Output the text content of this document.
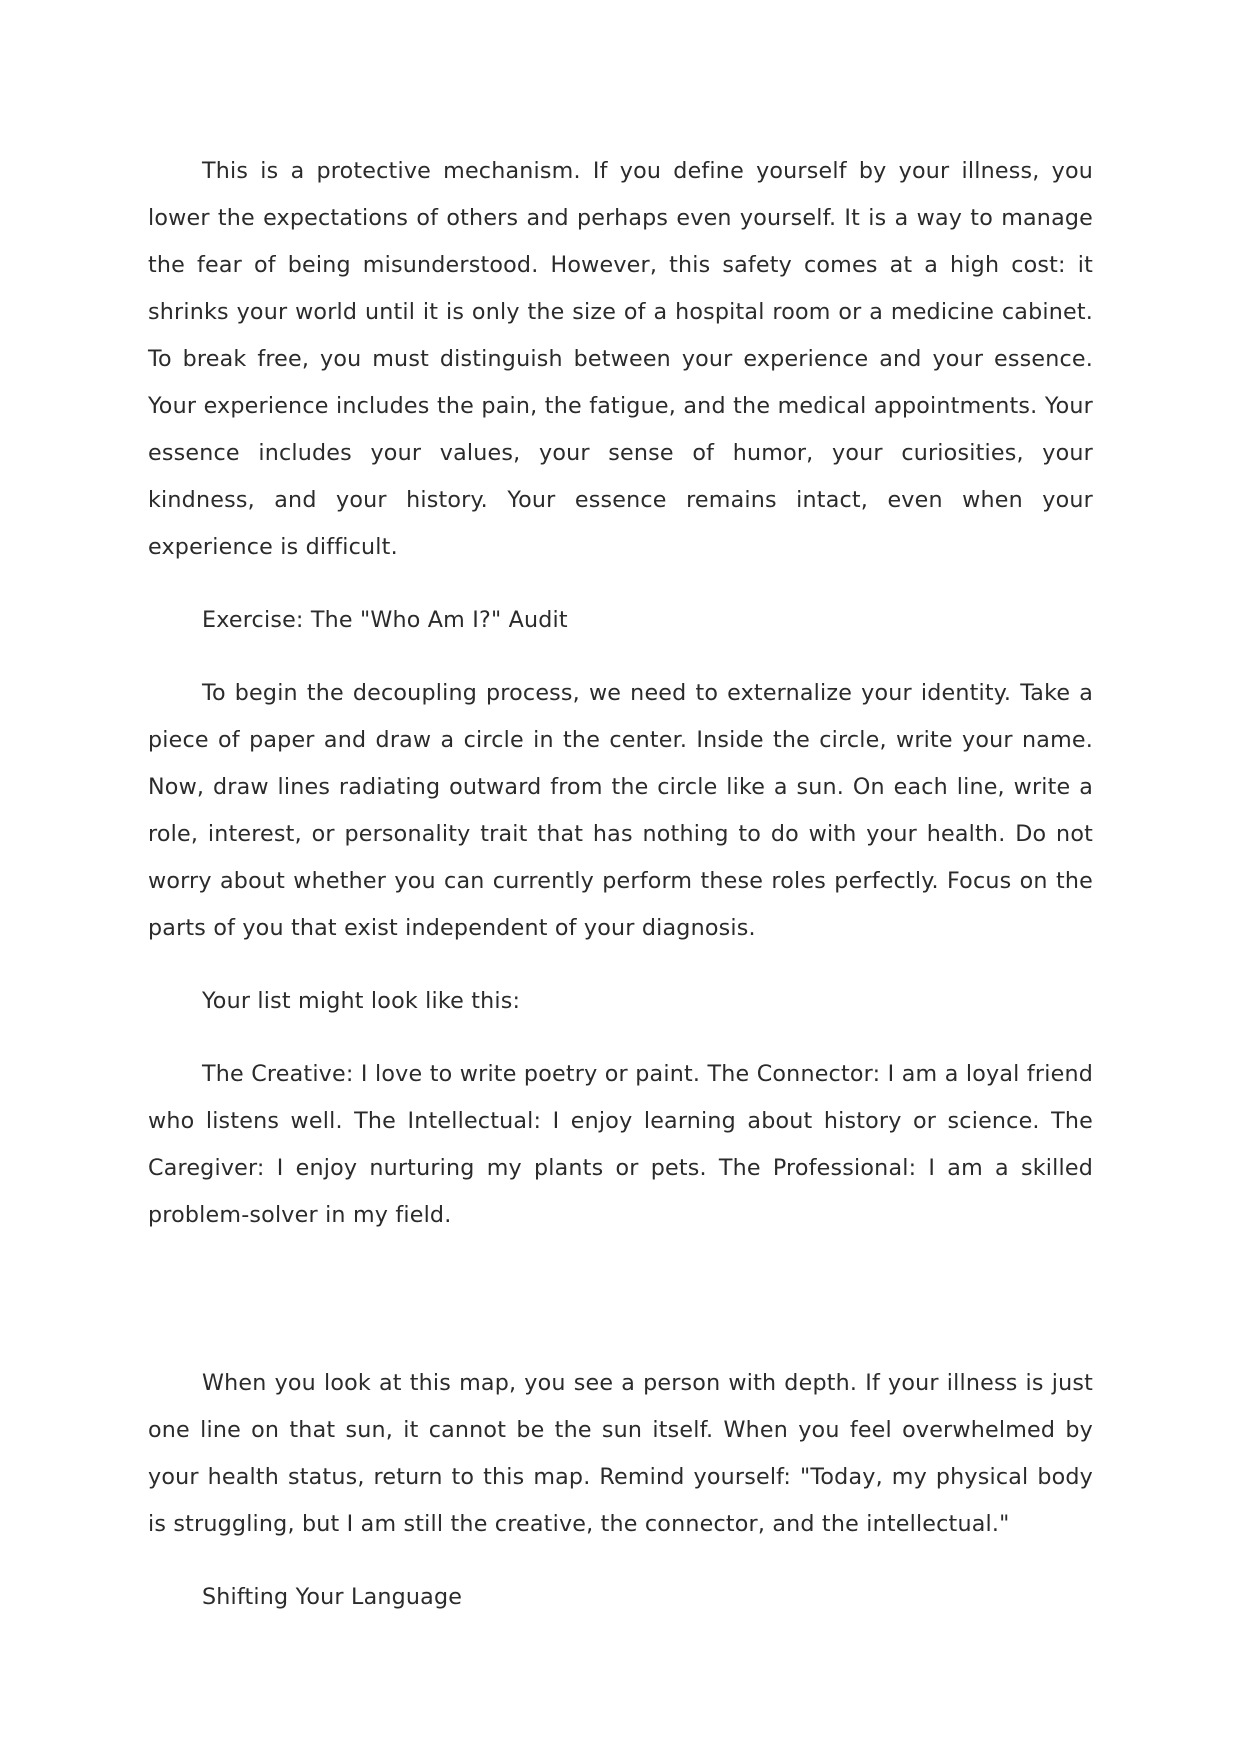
This is a protective mechanism. If you define yourself by your illness, you lower the expectations of others and perhaps even yourself. It is a way to manage the fear of being misunderstood. However, this safety comes at a high cost: it shrinks your world until it is only the size of a hospital room or a medicine cabinet. To break free, you must distinguish between your experience and your essence. Your experience includes the pain, the fatigue, and the medical appointments. Your essence includes your values, your sense of humor, your curiosities, your kindness, and your history. Your essence remains intact, even when your experience is difficult.

Exercise: The "Who Am I?" Audit

To begin the decoupling process, we need to externalize your identity. Take a piece of paper and draw a circle in the center. Inside the circle, write your name. Now, draw lines radiating outward from the circle like a sun. On each line, write a role, interest, or personality trait that has nothing to do with your health. Do not worry about whether you can currently perform these roles perfectly. Focus on the parts of you that exist independent of your diagnosis.

Your list might look like this:

The Creative: I love to write poetry or paint. The Connector: I am a loyal friend who listens well. The Intellectual: I enjoy learning about history or science. The Caregiver: I enjoy nurturing my plants or pets. The Professional: I am a skilled problem-solver in my field.

When you look at this map, you see a person with depth. If your illness is just one line on that sun, it cannot be the sun itself. When you feel overwhelmed by your health status, return to this map. Remind yourself: "Today, my physical body is struggling, but I am still the creative, the connector, and the intellectual."

Shifting Your Language
